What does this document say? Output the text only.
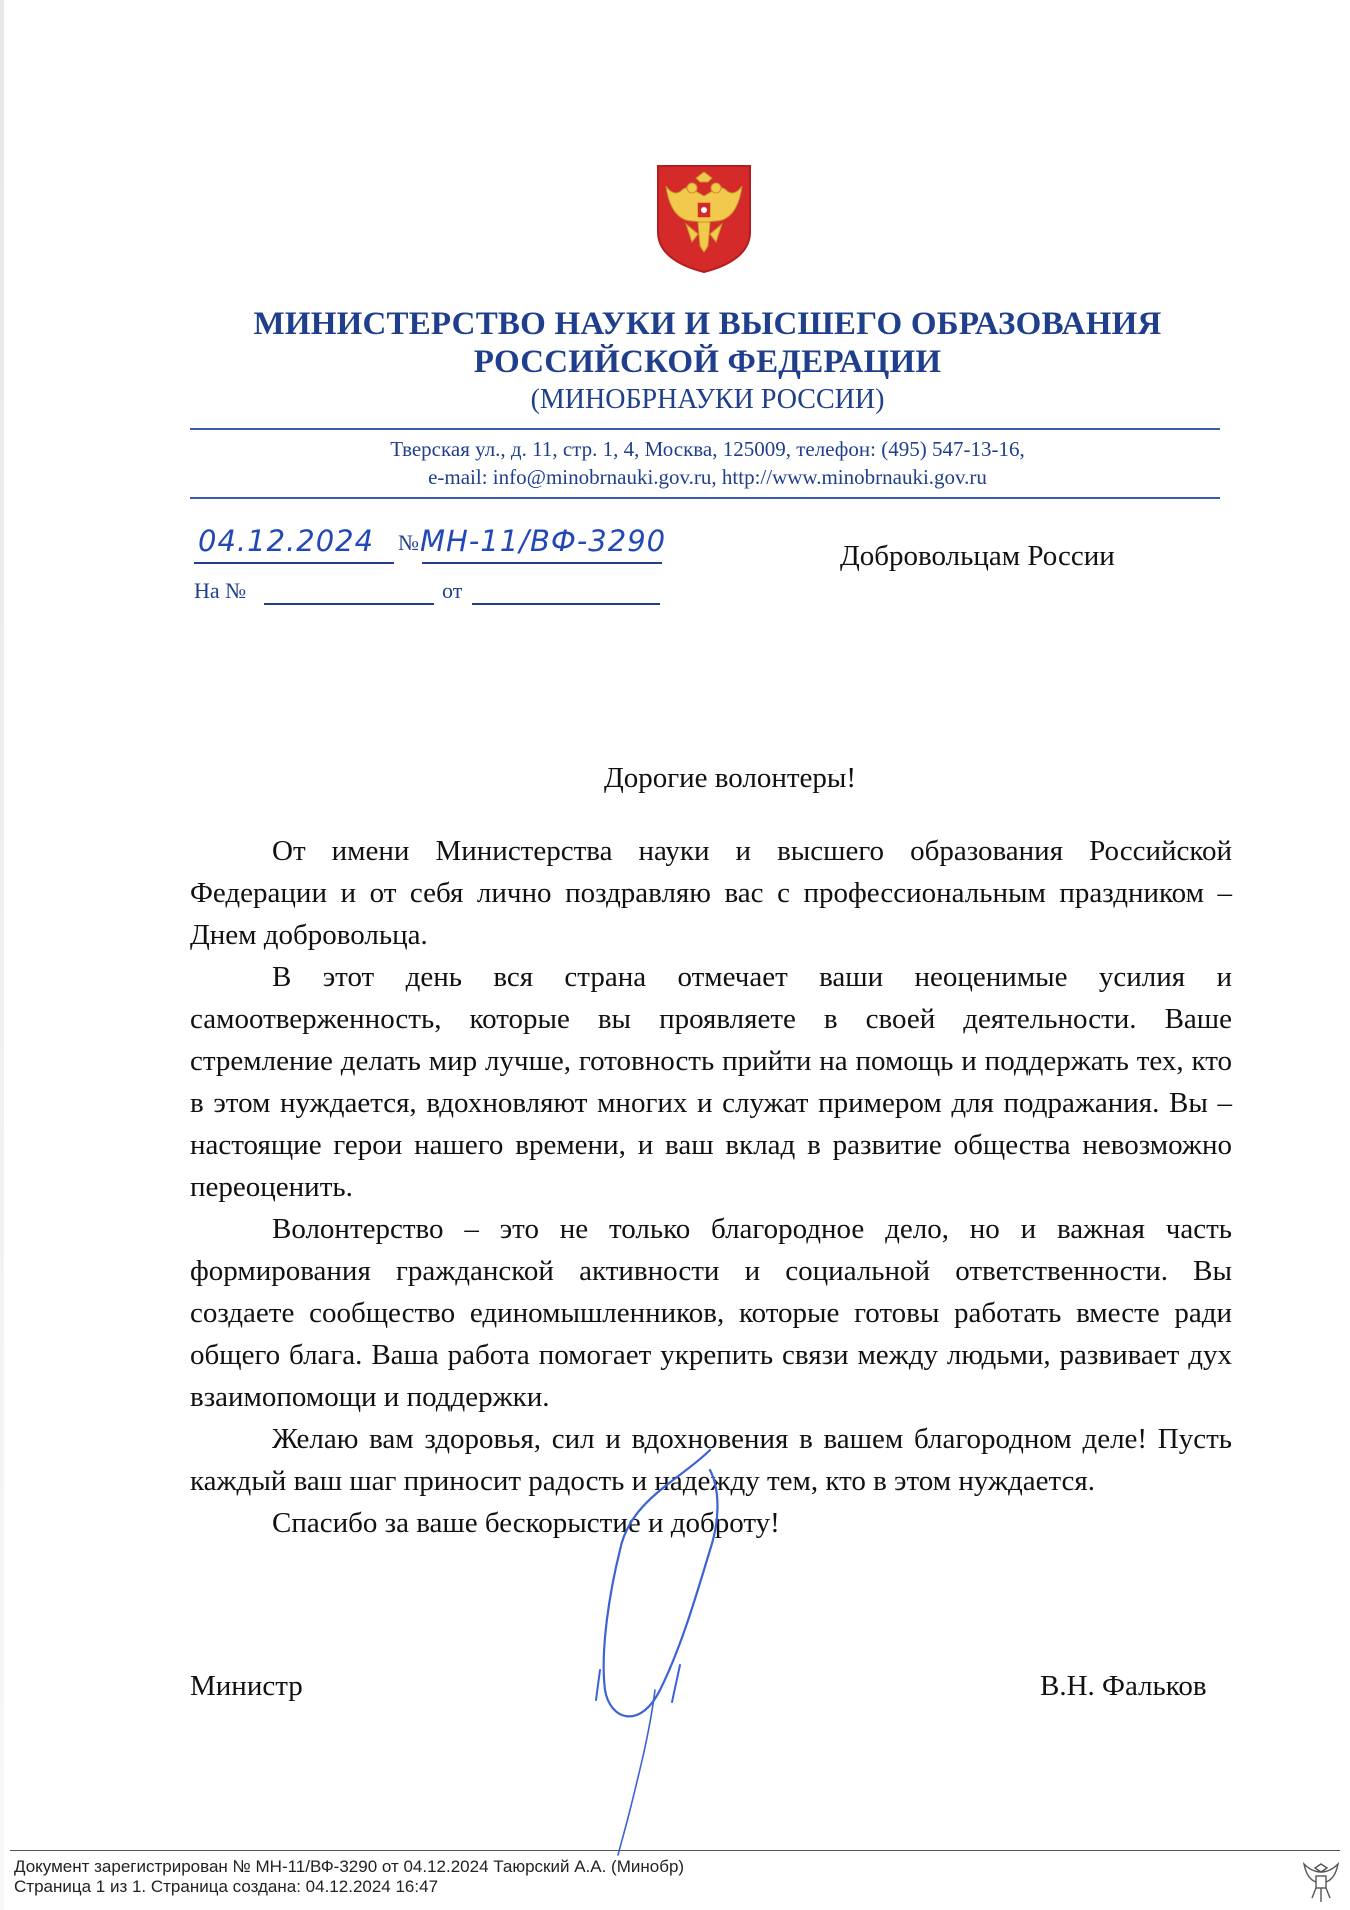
МИНИСТЕРСТВО НАУКИ И ВЫСШЕГО ОБРАЗОВАНИЯ
РОССИЙСКОЙ ФЕДЕРАЦИИ
(МИНОБРНАУКИ РОССИИ)
Тверская ул., д. 11, стр. 1, 4, Москва, 125009, телефон: (495) 547-13-16,
e-mail: info@minobrnauki.gov.ru, http://www.minobrnauki.gov.ru
04.12.2024 № МН-11/ВФ-3290
На №	от
Добровольцам России
Дорогие волонтеры!

От имени Министерства науки и высшего образования Российской Федерации и от себя лично поздравляю вас с профессиональным праздником – Днем добровольца.

В этот день вся страна отмечает ваши неоценимые усилия и самоотверженность, которые вы проявляете в своей деятельности. Ваше стремление делать мир лучше, готовность прийти на помощь и поддержать тех, кто в этом нуждается, вдохновляют многих и служат примером для подражания. Вы – настоящие герои нашего времени, и ваш вклад в развитие общества невозможно переоценить.

Волонтерство – это не только благородное дело, но и важная часть формирования гражданской активности и социальной ответственности. Вы создаете сообщество единомышленников, которые готовы работать вместе ради общего блага. Ваша работа помогает укрепить связи между людьми, развивает дух взаимопомощи и поддержки.

Желаю вам здоровья, сил и вдохновения в вашем благородном деле! Пусть каждый ваш шаг приносит радость и надежду тем, кто в этом нуждается.

Спасибо за ваше бескорыстие и доброту!

Министр	В.Н. Фальков
Документ зарегистрирован № МН-11/ВФ-3290 от 04.12.2024 Таюрский А.А. (Минобр)
Страница 1 из 1. Страница создана: 04.12.2024 16:47
